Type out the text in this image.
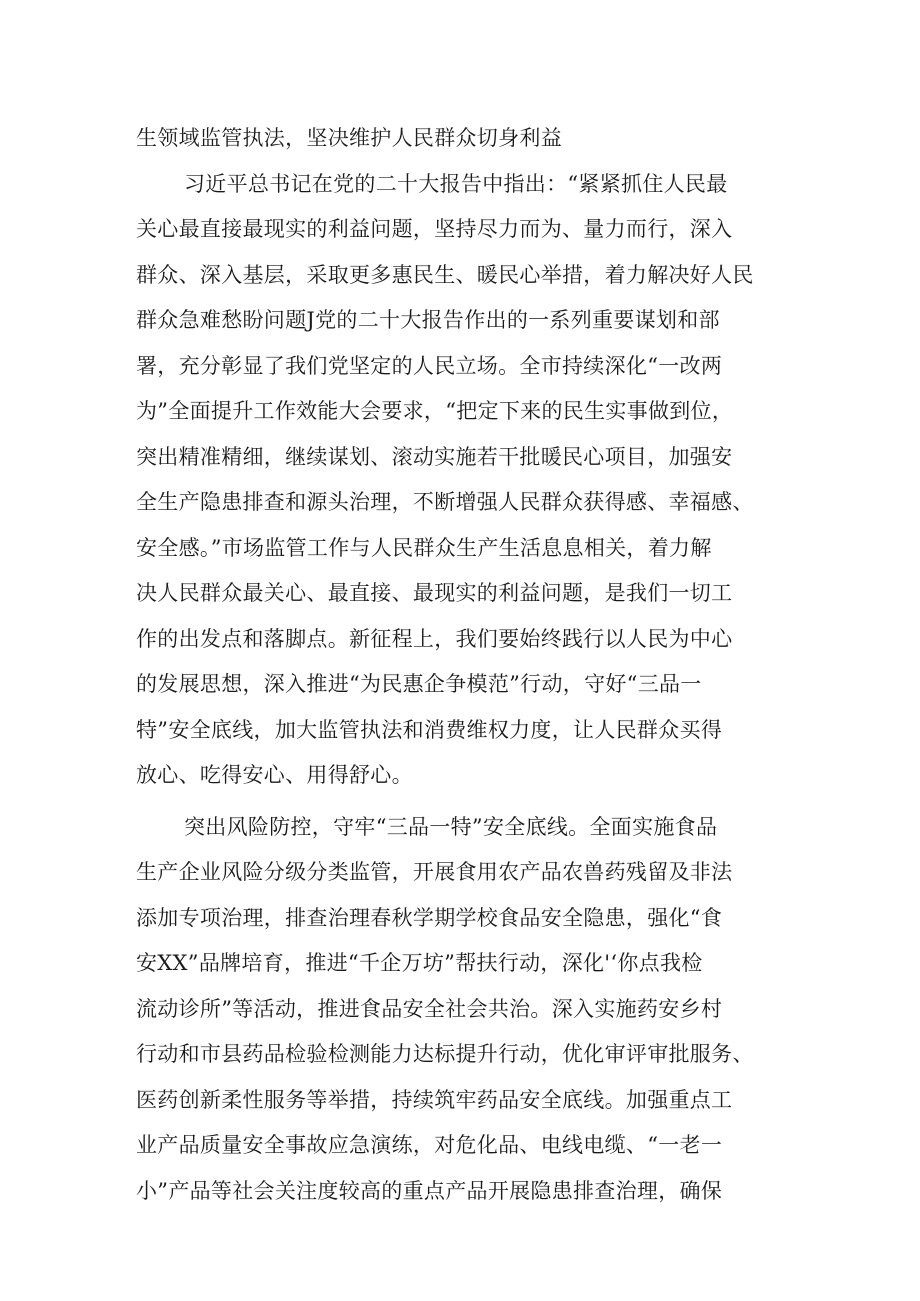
生领域监管执法，坚决维护人民群众切身利益
习近平总书记在党的二十大报告中指出：“紧紧抓住人民最
关心最直接最现实的利益问题，坚持尽力而为、量力而行，深入
群众、深入基层，采取更多惠民生、暖民心举措，着力解决好人民
群众急难愁盼问题J党的二十大报告作出的一系列重要谋划和部
署，充分彰显了我们党坚定的人民立场。全市持续深化“一改两
为”全面提升工作效能大会要求，“把定下来的民生实事做到位，
突出精准精细，继续谋划、滚动实施若干批暖民心项目，加强安
全生产隐患排查和源头治理，不断增强人民群众获得感、幸福感、
安全感。”市场监管工作与人民群众生产生活息息相关，着力解
决人民群众最关心、最直接、最现实的利益问题，是我们一切工
作的出发点和落脚点。新征程上，我们要始终践行以人民为中心
的发展思想，深入推进“为民惠企争模范”行动，守好“三品一
特”安全底线，加大监管执法和消费维权力度，让人民群众买得
放心、吃得安心、用得舒心。
突出风险防控，守牢“三品一特”安全底线。全面实施食品
生产企业风险分级分类监管，开展食用农产品农兽药残留及非法
添加专项治理，排查治理春秋学期学校食品安全隐患，强化“食
安XX”品牌培育，推进“千企万坊”帮扶行动，深化'‘你点我检
流动诊所”等活动，推进食品安全社会共治。深入实施药安乡村
行动和市县药品检验检测能力达标提升行动，优化审评审批服务、
医药创新柔性服务等举措，持续筑牢药品安全底线。加强重点工
业产品质量安全事故应急演练，对危化品、电线电缆、“一老一
小”产品等社会关注度较高的重点产品开展隐患排查治理，确保
